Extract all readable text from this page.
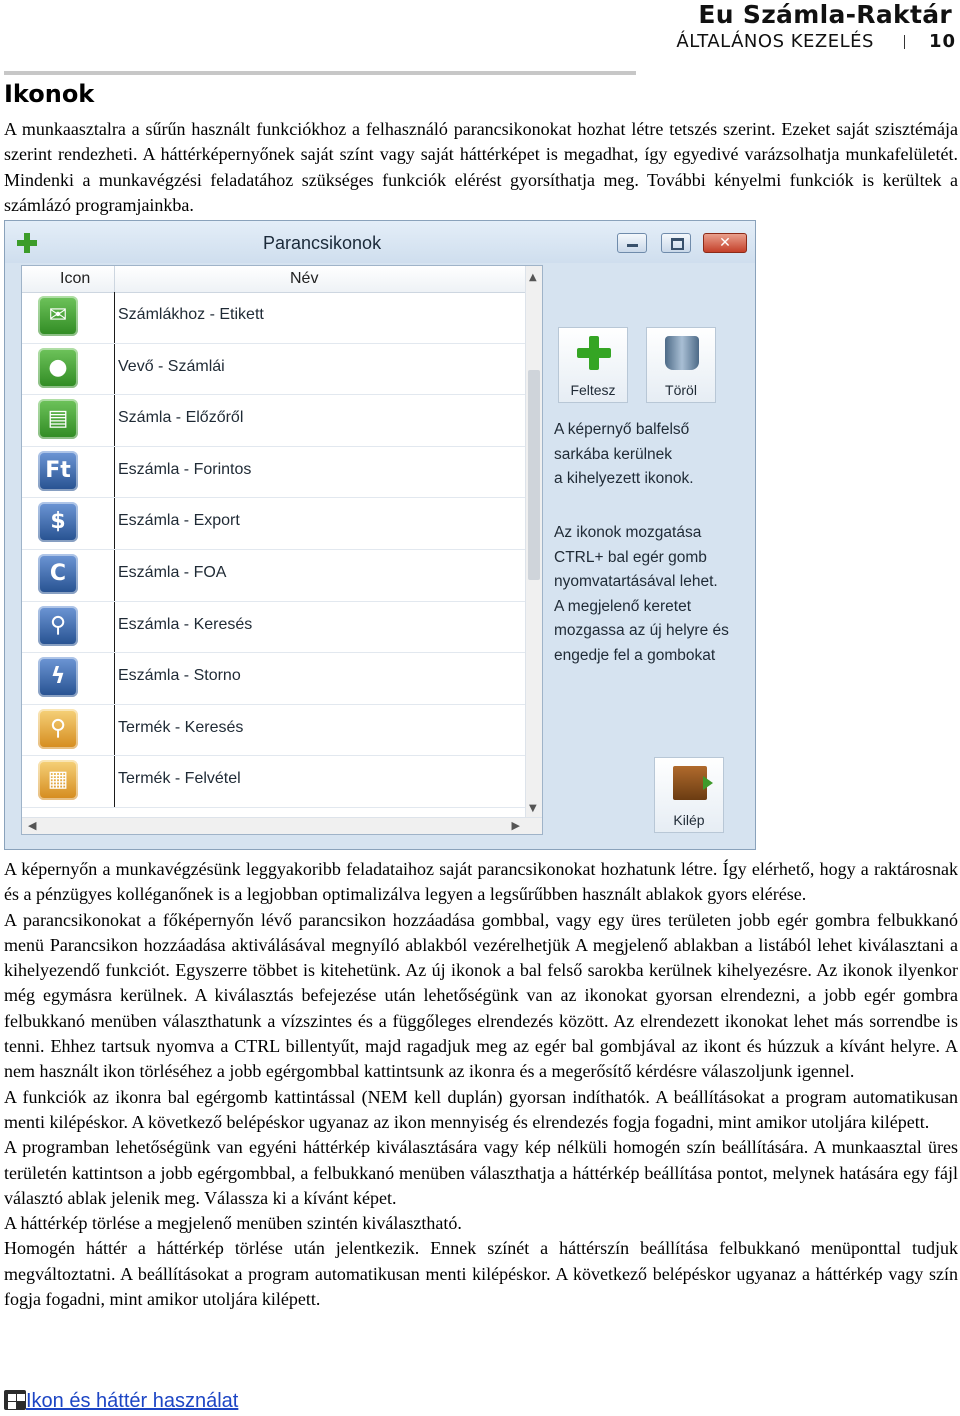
Eu Számla-Raktár
ÁLTALÁNOS KEZELÉS	10
Ikonok
A munkaasztalra a sűrűn használt funkciókhoz a felhasználó parancsikonokat hozhat létre tetszés szerint. Ezeket saját szisztémája szerint rendezheti. A háttérképernyőnek saját színt vagy saját háttérképet is megadhat, így egyedivé varázsolhatja munkafelületét. Mindenki a munkavégzési feladatához szükséges funkciók elérést gyorsíthatja meg. További kényelmi funkciók is kerültek a számlázó programjainkba.
Parancsikonok	✕
Icon	Név
✉	Számlákhoz - Etikett
●	Vevő - Számlái
▤	Számla - Előzőről
Ft	Eszámla - Forintos
$	Eszámla - Export
C	Eszámla - FOA
⚲	Eszámla - Keresés
ϟ	Eszámla - Storno
⚲	Termék - Keresés
▦	Termék - Felvétel
▲
▼
◀	▶
Feltesz	Töröl
A képernyő balfelső
sarkába kerülnek
a kihelyezett ikonok.
Az ikonok mozgatása
CTRL+ bal egér gomb
nyomvatartásával lehet.
A megjelenő keretet
mozgassa az új helyre és
engedje fel a gombokat
Kilép
A képernyőn a munkavégzésünk leggyakoribb feladataihoz saját parancsikonokat hozhatunk létre. Így elérhető, hogy a raktárosnak és a pénzügyes kolléganőnek is a legjobban optimalizálva legyen a legsűrűbben használt ablakok gyors elérése.
A parancsikonokat a főképernyőn lévő parancsikon hozzáadása gombbal, vagy egy üres területen jobb egér gombra felbukkanó menü Parancsikon hozzáadása aktiválásával megnyíló ablakból vezérelhetjük A megjelenő ablakban a listából lehet kiválasztani a kihelyezendő funkciót. Egyszerre többet is kitehetünk. Az új ikonok a bal felső sarokba kerülnek kihelyezésre. Az ikonok ilyenkor még egymásra kerülnek. A kiválasztás befejezése után lehetőségünk van az ikonokat gyorsan elrendezni, a jobb egér gombra felbukkanó menüben választhatunk a vízszintes és a függőleges elrendezés között. Az elrendezett ikonokat lehet más sorrendbe is tenni. Ehhez tartsuk nyomva a CTRL billentyűt, majd ragadjuk meg az egér bal gombjával az ikont és húzzuk a kívánt helyre. A nem használt ikon törléséhez a jobb egérgombbal kattintsunk az ikonra és a megerősítő kérdésre válaszoljunk igennel.
A funkciók az ikonra bal egérgomb kattintással (NEM kell duplán) gyorsan indíthatók. A beállításokat a program automatikusan menti kilépéskor. A következő belépéskor ugyanaz az ikon mennyiség és elrendezés fogja fogadni, mint amikor utoljára kilépett.
A programban lehetőségünk van egyéni háttérkép kiválasztására vagy kép nélküli homogén szín beállítására. A munkaasztal üres területén kattintson a jobb egérgombbal, a felbukkanó menüben választhatja a háttérkép beállítása pontot, melynek hatására egy fájl választó ablak jelenik meg. Válassza ki a kívánt képet.
A háttérkép törlése a megjelenő menüben szintén kiválasztható.
Homogén háttér a háttérkép törlése után jelentkezik. Ennek színét a háttérszín beállítása felbukkanó menüponttal tudjuk megváltoztatni. A beállításokat a program automatikusan menti kilépéskor. A következő belépéskor ugyanaz a háttérkép vagy szín fogja fogadni, mint amikor utoljára kilépett.
Ikon és háttér használat
